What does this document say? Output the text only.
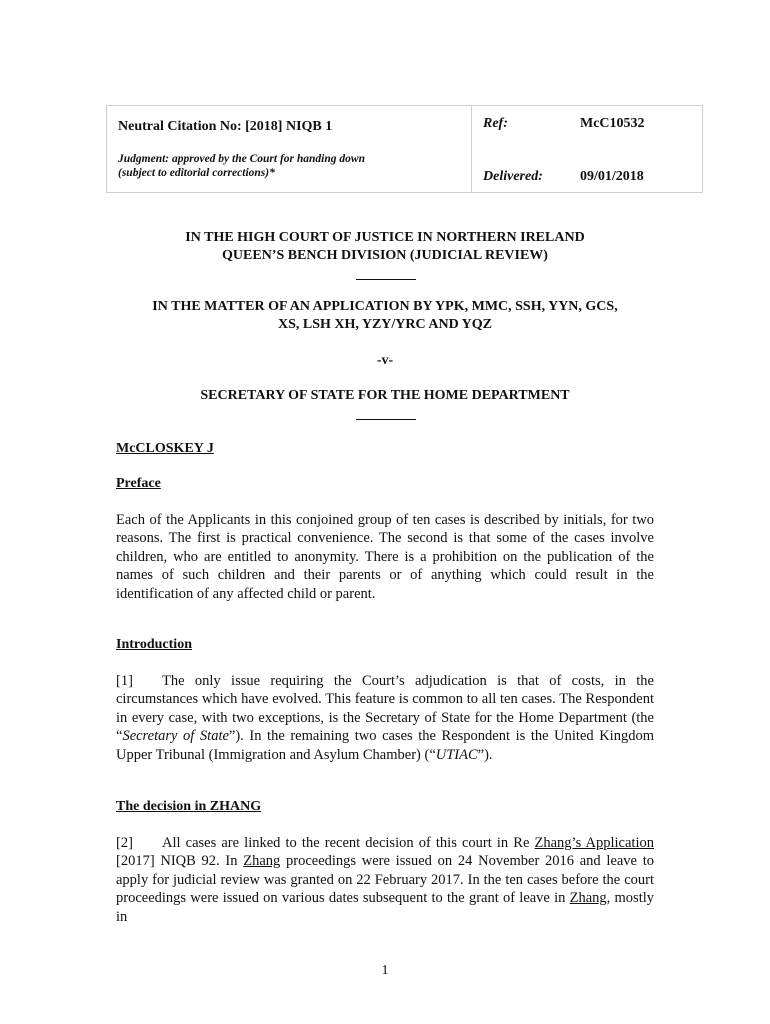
Neutral Citation No: [2018] NIQB 1
Judgment: approved by the Court for handing down
(subject to editorial corrections)*
Ref:	McC10532
Delivered:	09/01/2018
IN THE HIGH COURT OF JUSTICE IN NORTHERN IRELAND
QUEEN’S BENCH DIVISION (JUDICIAL REVIEW)
IN THE MATTER OF AN APPLICATION BY YPK, MMC, SSH, YYN, GCS,
XS, LSH XH, YZY/YRC AND YQZ
-v-
SECRETARY OF STATE FOR THE HOME DEPARTMENT
McCLOSKEY J
Preface
Each of the Applicants in this conjoined group of ten cases is described by initials, for two reasons. The first is practical convenience. The second is that some of the cases involve children, who are entitled to anonymity. There is a prohibition on the publication of the names of such children and their parents or of anything which could result in the identification of any affected child or parent.
Introduction
[1] The only issue requiring the Court’s adjudication is that of costs, in the circumstances which have evolved. This feature is common to all ten cases. The Respondent in every case, with two exceptions, is the Secretary of State for the Home Department (the “Secretary of State”). In the remaining two cases the Respondent is the United Kingdom Upper Tribunal (Immigration and Asylum Chamber) (“UTIAC”).
The decision in ZHANG
[2] All cases are linked to the recent decision of this court in Re Zhang’s Application [2017] NIQB 92. In Zhang proceedings were issued on 24 November 2016 and leave to apply for judicial review was granted on 22 February 2017. In the ten cases before the court proceedings were issued on various dates subsequent to the grant of leave in Zhang, mostly in
1
